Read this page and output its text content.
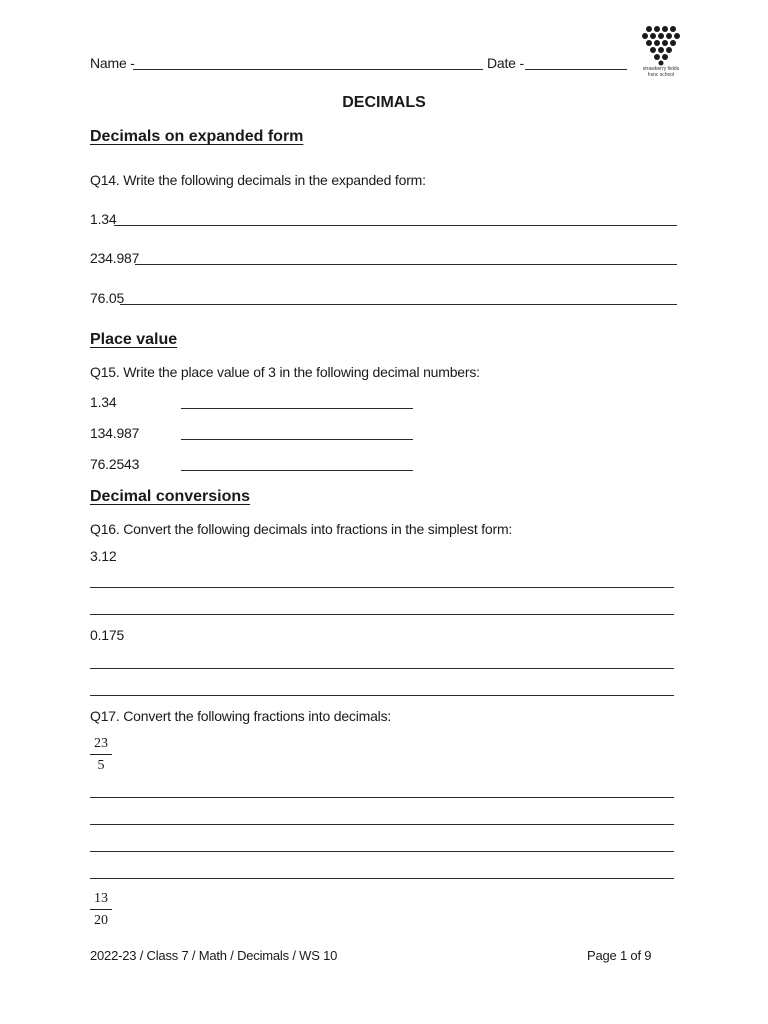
Name -	Date -	strawberry fields
hsnc school
DECIMALS
Decimals on expanded form
Q14. Write the following decimals in the expanded form:
1.34
234.987
76.05
Place value
Q15. Write the place value of 3 in the following decimal numbers:
1.34
134.987
76.2543
Decimal conversions
Q16. Convert the following decimals into fractions in the simplest form:
3.12
0.175
Q17. Convert the following fractions into decimals:
23
5
13
20
2022-23 / Class 7 / Math / Decimals / WS 10	Page 1 of 9
